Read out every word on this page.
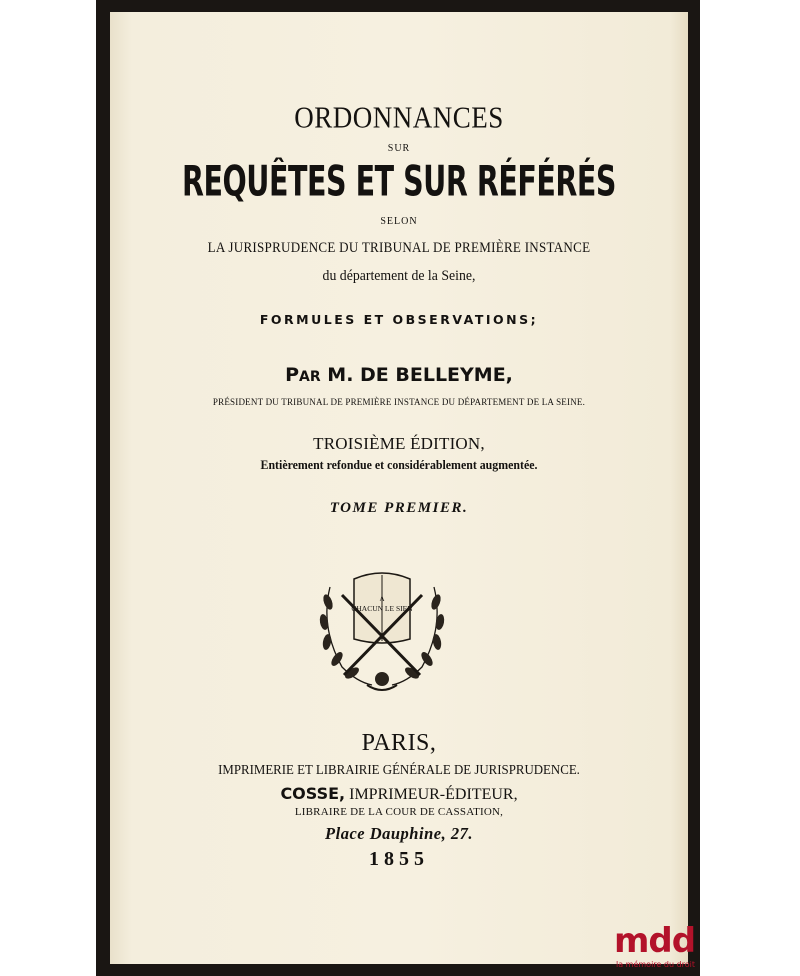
ORDONNANCES
SUR
REQUÊTES ET SUR RÉFÉRÉS
SELON
LA JURISPRUDENCE DU TRIBUNAL DE PREMIÈRE INSTANCE
du département de la Seine,
FORMULES ET OBSERVATIONS;
PAR M. DE BELLEYME,
PRÉSIDENT DU TRIBUNAL DE PREMIÈRE INSTANCE DU DÉPARTEMENT DE LA SEINE.
TROISIÈME ÉDITION,
Entièrement refondue et considérablement augmentée.
TOME PREMIER.
A
CHACUN LE SIEN
PARIS,
IMPRIMERIE ET LIBRAIRIE GÉNÉRALE DE JURISPRUDENCE.
COSSE, IMPRIMEUR-ÉDITEUR,
LIBRAIRE DE LA COUR DE CASSATION,
Place Dauphine, 27.
1855
mdd
la mémoire du droit
